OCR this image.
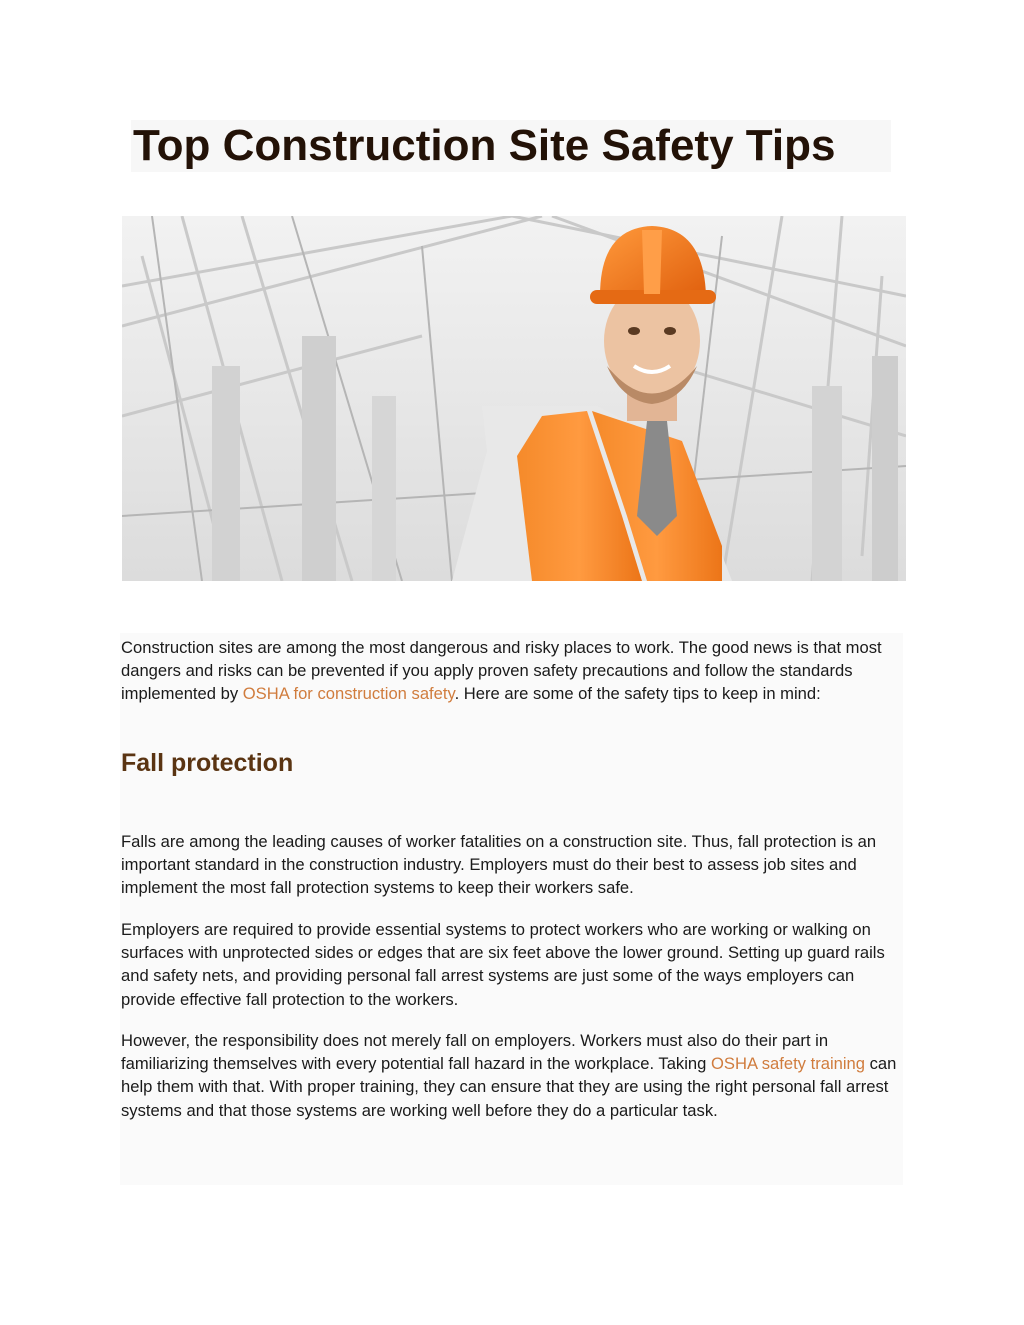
Top Construction Site Safety Tips

Construction sites are among the most dangerous and risky places to work. The good news is that most dangers and risks can be prevented if you apply proven safety precautions and follow the standards implemented by OSHA for construction safety. Here are some of the safety tips to keep in mind:

Fall protection

Falls are among the leading causes of worker fatalities on a construction site. Thus, fall protection is an important standard in the construction industry. Employers must do their best to assess job sites and implement the most fall protection systems to keep their workers safe.

Employers are required to provide essential systems to protect workers who are working or walking on surfaces with unprotected sides or edges that are six feet above the lower ground. Setting up guard rails and safety nets, and providing personal fall arrest systems are just some of the ways employers can provide effective fall protection to the workers.

However, the responsibility does not merely fall on employers. Workers must also do their part in familiarizing themselves with every potential fall hazard in the workplace. Taking OSHA safety training can help them with that. With proper training, they can ensure that they are using the right personal fall arrest systems and that those systems are working well before they do a particular task.
